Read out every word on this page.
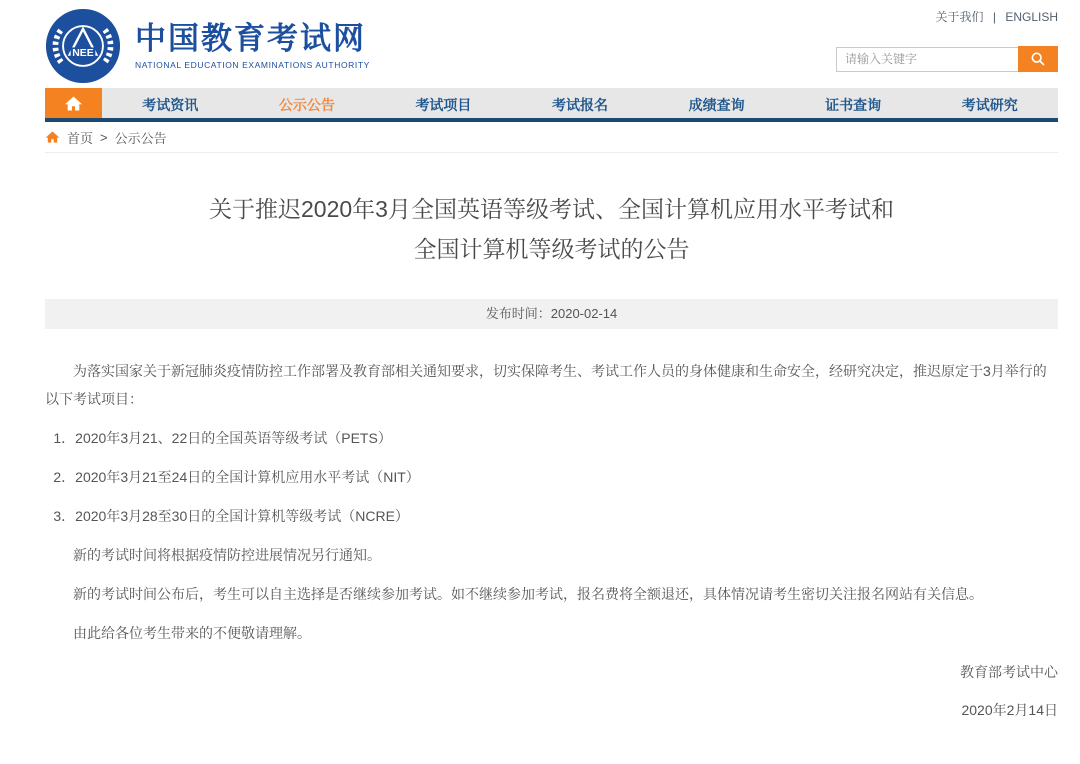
NEE 中国教育考试网
NATIONAL EDUCATION EXAMINATIONS AUTHORITY
关于我们 | ENGLISH
请输入关键字
考试资讯	公示公告	考试项目	考试报名	成绩查询	证书查询	考试研究
首页 > 公示公告
关于推迟2020年3月全国英语等级考试、全国计算机应用水平考试和
全国计算机等级考试的公告
发布时间：2020-02-14

为落实国家关于新冠肺炎疫情防控工作部署及教育部相关通知要求，切实保障考生、考试工作人员的身体健康和生命安全，经研究决定，推迟原定于3月举行的以下考试项目：

1．2020年3月21、22日的全国英语等级考试（PETS）

2．2020年3月21至24日的全国计算机应用水平考试（NIT）

3．2020年3月28至30日的全国计算机等级考试（NCRE）

新的考试时间将根据疫情防控进展情况另行通知。

新的考试时间公布后，考生可以自主选择是否继续参加考试。如不继续参加考试，报名费将全额退还，具体情况请考生密切关注报名网站有关信息。

由此给各位考生带来的不便敬请理解。

教育部考试中心

2020年2月14日
